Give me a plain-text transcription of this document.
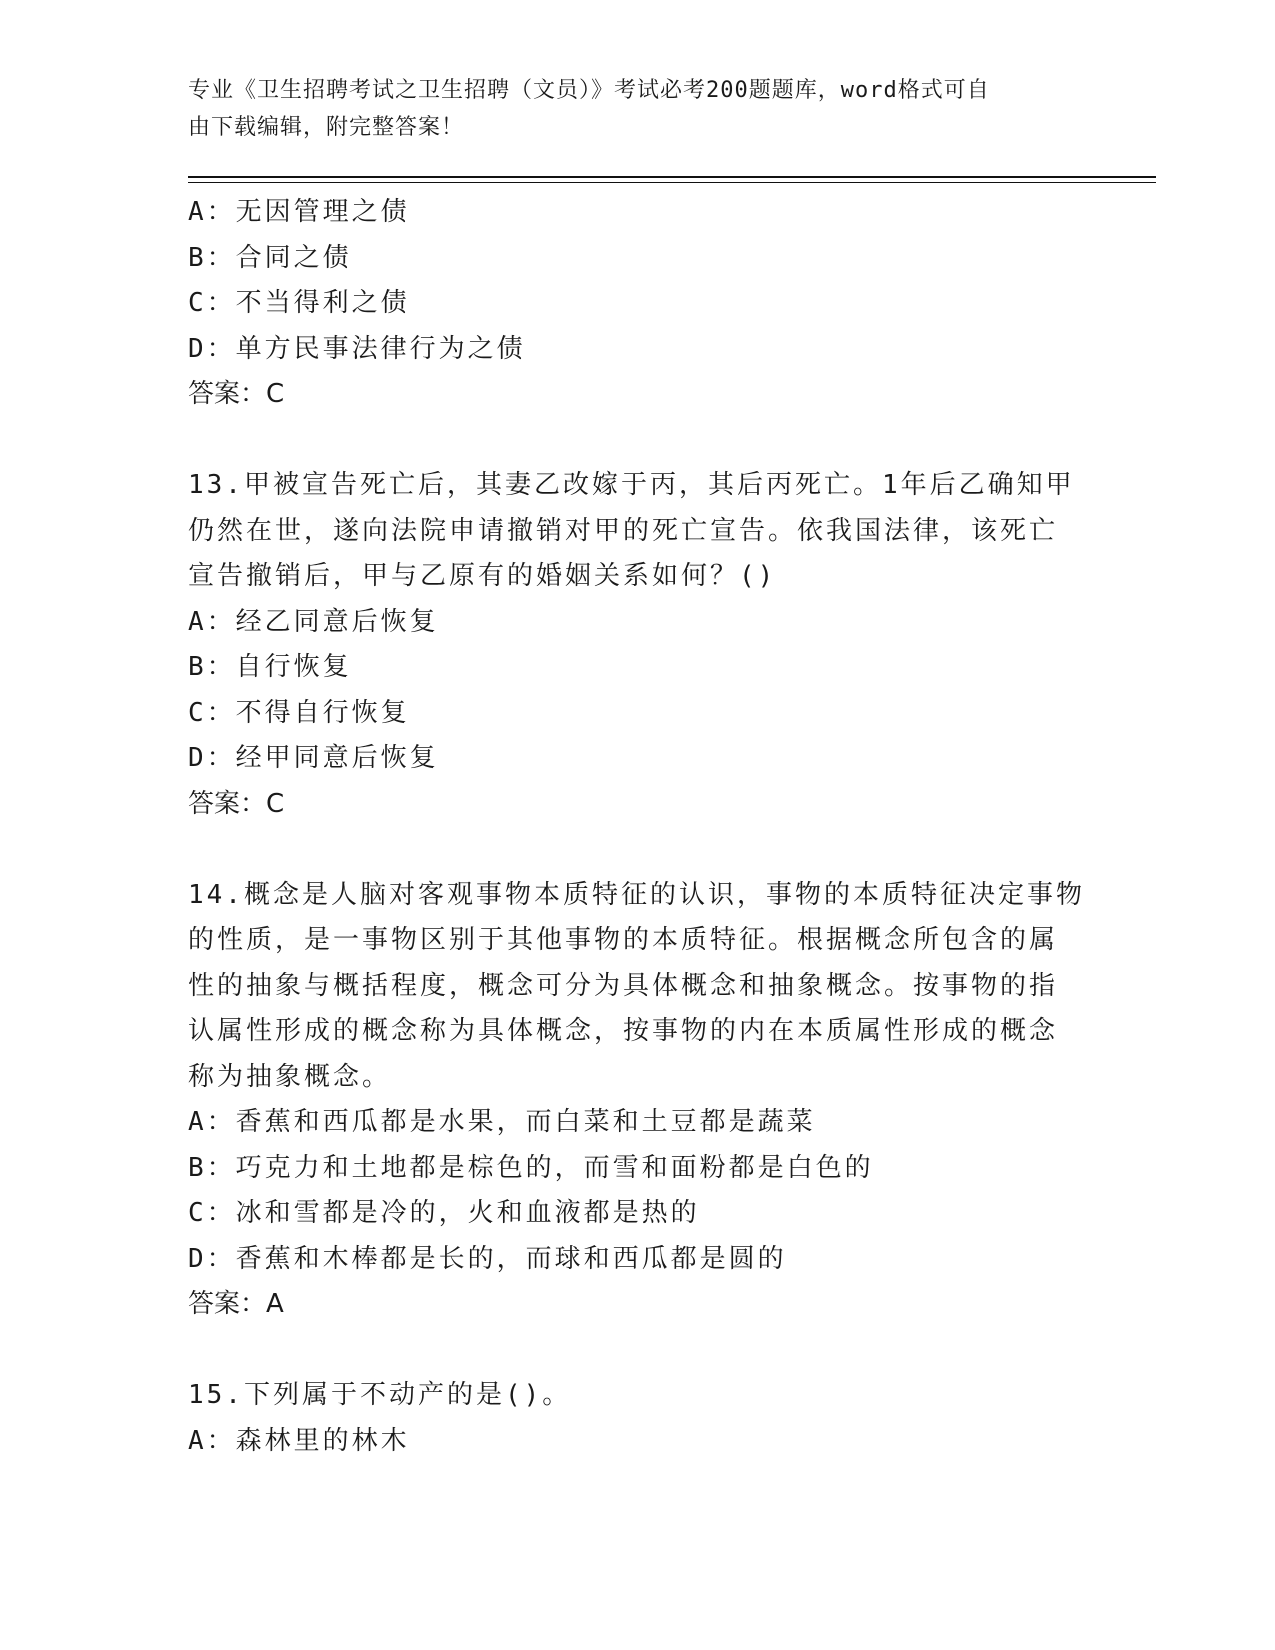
专业《卫生招聘考试之卫生招聘（文员）》考试必考200题题库，word格式可自
由下载编辑，附完整答案！
A：无因管理之债
B：合同之债
C：不当得利之债
D：单方民事法律行为之债
答案：C
13.甲被宣告死亡后，其妻乙改嫁于丙，其后丙死亡。1年后乙确知甲
仍然在世，遂向法院申请撤销对甲的死亡宣告。依我国法律，该死亡
宣告撤销后，甲与乙原有的婚姻关系如何？()
A：经乙同意后恢复
B：自行恢复
C：不得自行恢复
D：经甲同意后恢复
答案：C
14.概念是人脑对客观事物本质特征的认识，事物的本质特征决定事物
的性质，是一事物区别于其他事物的本质特征。根据概念所包含的属
性的抽象与概括程度，概念可分为具体概念和抽象概念。按事物的指
认属性形成的概念称为具体概念，按事物的内在本质属性形成的概念
称为抽象概念。
A：香蕉和西瓜都是水果，而白菜和土豆都是蔬菜
B：巧克力和土地都是棕色的，而雪和面粉都是白色的
C：冰和雪都是冷的，火和血液都是热的
D：香蕉和木棒都是长的，而球和西瓜都是圆的
答案：A
15.下列属于不动产的是()。
A：森林里的林木
